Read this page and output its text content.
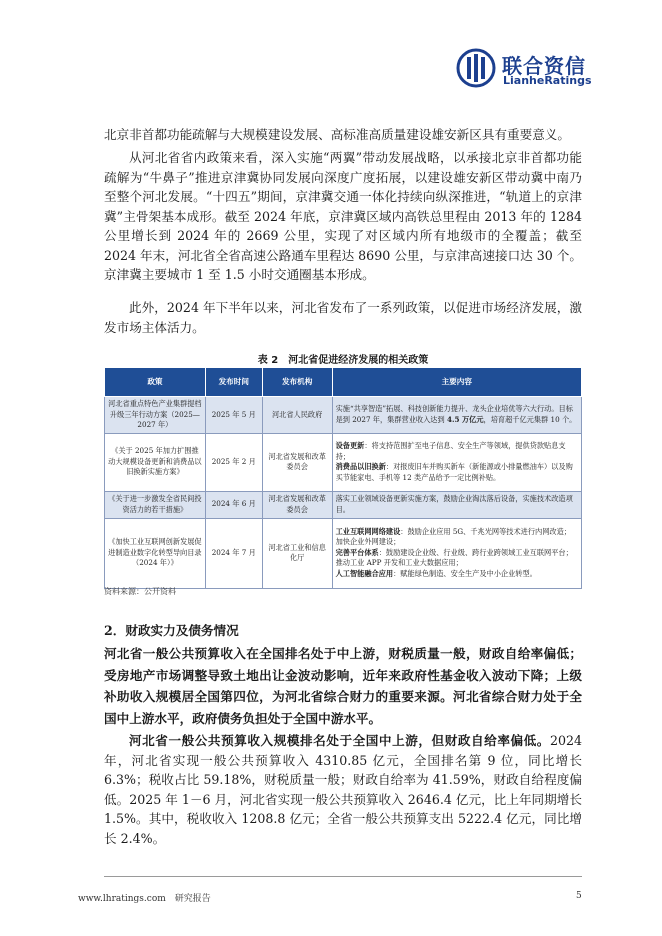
联合资信
LianheRatings
北京非首都功能疏解与大规模建设发展、高标准高质量建设雄安新区具有重要意义。
从河北省省内政策来看，深入实施“两翼”带动发展战略，以承接北京非首都功能疏解为“牛鼻子”推进京津冀协同发展向深度广度拓展，以建设雄安新区带动冀中南乃至整个河北发展。“十四五”期间，京津冀交通一体化持续向纵深推进，“轨道上的京津冀”主骨架基本成形。截至 2024 年底，京津冀区域内高铁总里程由 2013 年的 1284 公里增长到 2024 年的 2669 公里，实现了对区域内所有地级市的全覆盖；截至 2024 年末，河北省全省高速公路通车里程达 8690 公里，与京津高速接口达 30 个。京津冀主要城市 1 至 1.5 小时交通圈基本形成。
此外，2024 年下半年以来，河北省发布了一系列政策，以促进市场经济发展，激发市场主体活力。
表 2　河北省促进经济发展的相关政策
政策	发布时间	发布机构	主要内容
河北省重点特色产业集群提档升级三年行动方案（2025—2027 年）	2025 年 5 月	河北省人民政府	实施“共享智造”拓展、科技创新能力提升、龙头企业培优等六大行动。目标是到 2027 年，集群营业收入达到 4.5 万亿元，培育超千亿元集群 10 个。
《关于 2025 年加力扩围推动大规模设备更新和消费品以旧换新实施方案》	2025 年 2 月	河北省发展和改革委员会	设备更新：将支持范围扩至电子信息、安全生产等领域，提供贷款贴息支持；
消费品以旧换新：对报废旧车并购买新车（新能源或小排量燃油车）以及购买节能家电、手机等 12 类产品给予一定比例补贴。
《关于进一步激发全省民间投资活力的若干措施》	2024 年 6 月	河北省发展和改革委员会	落实工业领域设备更新实施方案，鼓励企业淘汰落后设备，实施技术改造项目。
《加快工业互联网创新发展促进制造业数字化转型导向目录（2024 年）》	2024 年 7 月	河北省工业和信息化厅	工业互联网网络建设：鼓励企业应用 5G、千兆光网等技术进行内网改造；加快企业外网建设；
完善平台体系：鼓励建设企业级、行业级、跨行业跨领域工业互联网平台；推动工业 APP 开发和工业大数据应用；
人工智能融合应用：赋能绿色制造、安全生产及中小企业转型。
资料来源：公开资料
2．财政实力及债务情况
河北省一般公共预算收入在全国排名处于中上游，财税质量一般，财政自给率偏低；受房地产市场调整导致土地出让金波动影响，近年来政府性基金收入波动下降；上级补助收入规模居全国第四位，为河北省综合财力的重要来源。河北省综合财力处于全国中上游水平，政府债务负担处于全国中游水平。
河北省一般公共预算收入规模排名处于全国中上游，但财政自给率偏低。2024 年，河北省实现一般公共预算收入 4310.85 亿元，全国排名第 9 位，同比增长 6.3%；税收占比 59.18%，财税质量一般；财政自给率为 41.59%，财政自给程度偏低。2025 年 1－6 月，河北省实现一般公共预算收入 2646.4 亿元，比上年同期增长 1.5%。其中，税收收入 1208.8 亿元；全省一般公共预算支出 5222.4 亿元，同比增长 2.4%。
www.lhratings.com　研究报告	5
